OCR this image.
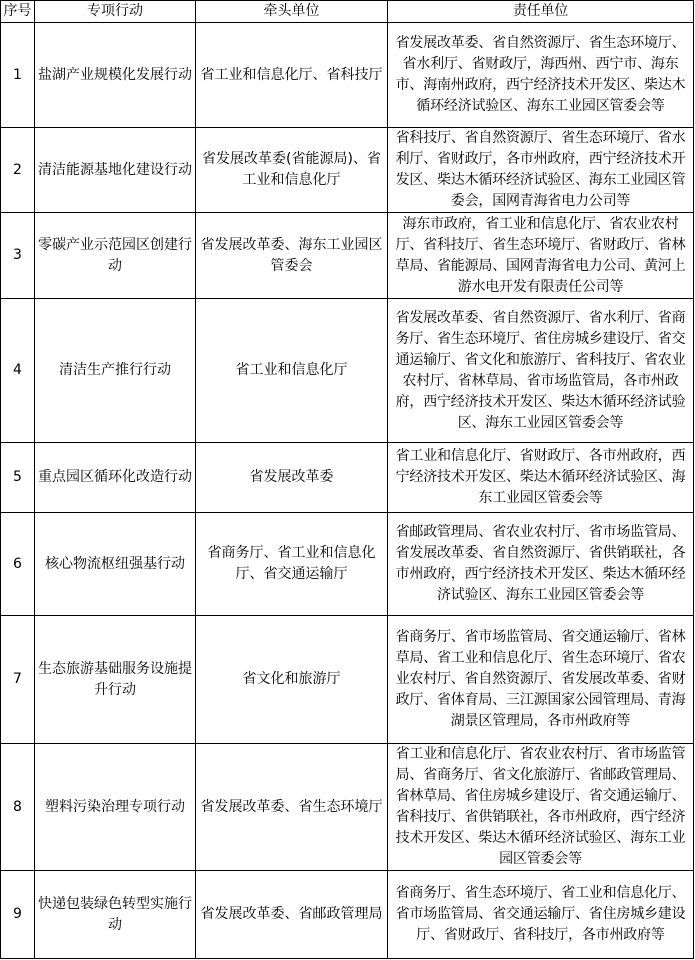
序号	专项行动	牵头单位	责任单位
1	盐湖产业规模化发展行动	省工业和信息化厅、省科技厅	省发展改革委、省自然资源厅、省生态环境厅、省水利厅、省财政厅，海西州、西宁市、海东市、海南州政府，西宁经济技术开发区、柴达木循环经济试验区、海东工业园区管委会等
2	清洁能源基地化建设行动	省发展改革委(省能源局)、省工业和信息化厅	省科技厅、省自然资源厅、省生态环境厅、省水利厅、省财政厅，各市州政府，西宁经济技术开发区、柴达木循环经济试验区、海东工业园区管委会，国网青海省电力公司等
3	零碳产业示范园区创建行动	省发展改革委、海东工业园区管委会	海东市政府，省工业和信息化厅、省农业农村厅、省科技厅、省生态环境厅、省财政厅、省林草局、省能源局、国网青海省电力公司、黄河上游水电开发有限责任公司等
4	清洁生产推行行动	省工业和信息化厅	省发展改革委、省自然资源厅、省水利厅、省商务厅、省生态环境厅、省住房城乡建设厅、省交通运输厅、省文化和旅游厅、省科技厅、省农业农村厅、省林草局、省市场监管局，各市州政府，西宁经济技术开发区、柴达木循环经济试验区、海东工业园区管委会等
5	重点园区循环化改造行动	省发展改革委	省工业和信息化厅、省财政厅、各市州政府，西宁经济技术开发区、柴达木循环经济试验区、海东工业园区管委会等
6	核心物流枢纽强基行动	省商务厅、省工业和信息化厅、省交通运输厅	省邮政管理局、省农业农村厅、省市场监管局、省发展改革委、省自然资源厅、省供销联社，各市州政府，西宁经济技术开发区、柴达木循环经济试验区、海东工业园区管委会等
7	生态旅游基础服务设施提升行动	省文化和旅游厅	省商务厅、省市场监管局、省交通运输厅、省林草局、省工业和信息化厅、省生态环境厅、省农业农村厅、省自然资源厅、省发展改革委、省财政厅、省体育局、三江源国家公园管理局、青海湖景区管理局，各市州政府等
8	塑料污染治理专项行动	省发展改革委、省生态环境厅	省工业和信息化厅、省农业农村厅、省市场监管局、省商务厅、省文化旅游厅、省邮政管理局、省林草局、省住房城乡建设厅、省交通运输厅、省科技厅、省供销联社，各市州政府，西宁经济技术开发区、柴达木循环经济试验区、海东工业园区管委会等
9	快递包装绿色转型实施行动	省发展改革委、省邮政管理局	省商务厅、省生态环境厅、省工业和信息化厅、省市场监管局、省交通运输厅、省住房城乡建设厅、省财政厅、省科技厅，各市州政府等
